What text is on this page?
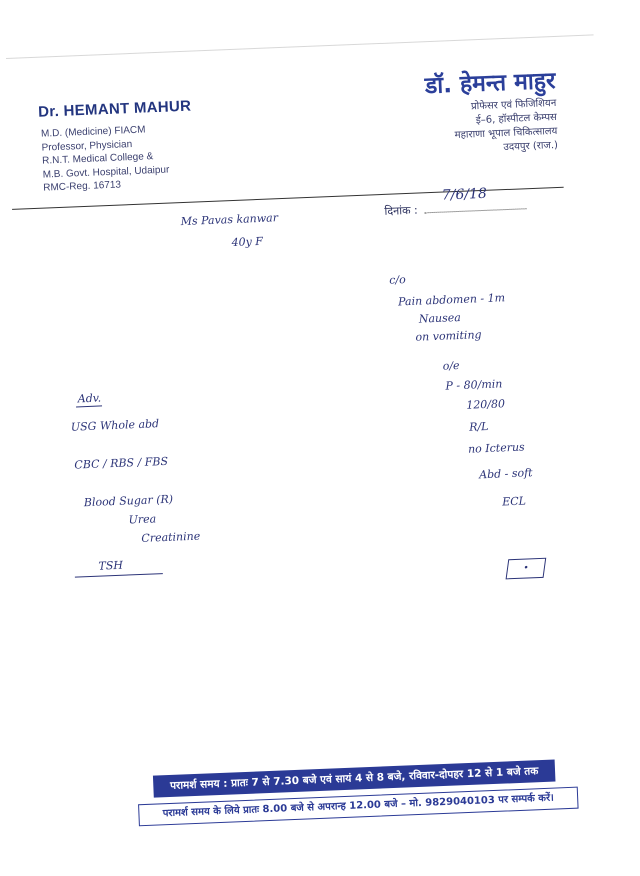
Dr. HEMANT MAHUR
M.D. (Medicine) FIACM
Professor, Physician
R.N.T. Medical College &
M.B. Govt. Hospital, Udaipur
RMC-Reg. 16713
डॉ. हेमन्त माहुर
प्रोफेसर एवं फिजिशियन
ई–6, हॉस्पीटल केम्पस
महाराणा भूपाल चिकित्सालय
उदयपुर (राज.)
दिनांक :
7/6/18
Ms Pavas kanwar
40y F
c/o
Pain abdomen - 1m
Nausea
on vomiting
o/e
P - 80/min
120/80
R/L
no Icterus
Abd - soft
ECL
Adv.
USG Whole abd
CBC / RBS / FBS
Blood Sugar (R)
Urea
Creatinine
TSH	•
परामर्श समय : प्रातः 7 से 7.30 बजे एवं सायं 4 से 8 बजे, रविवार-दोपहर 12 से 1 बजे तक
परामर्श समय के लिये प्रातः 8.00 बजे से अपरान्ह 12.00 बजे – मो. 9829040103 पर सम्पर्क करें।
